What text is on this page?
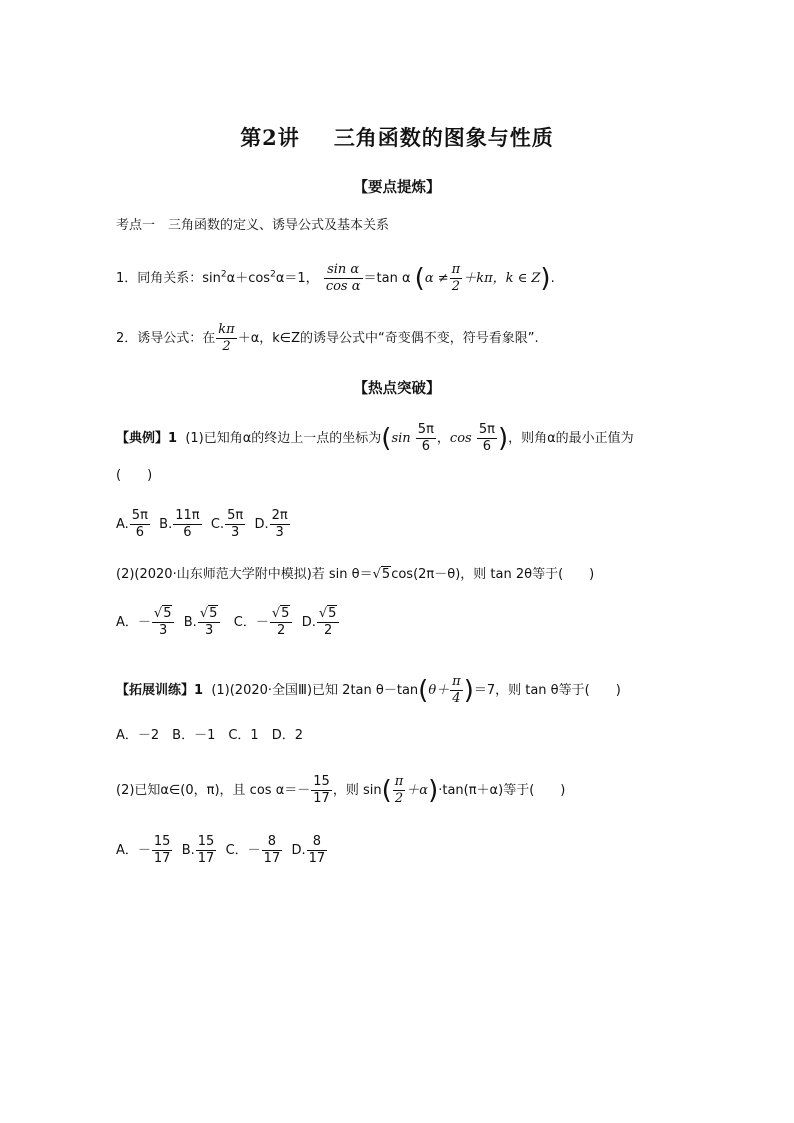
第2讲 三角函数的图象与性质
【要点提炼】
考点一　三角函数的定义、诱导公式及基本关系
1．同角关系：$\sin^2\alpha+\cos^2\alpha=1$， $\frac{\text{sin α}}{\text{cos α}} =\tan$ α ($\alpha \ne \frac{\pi}{2} +k\pi$，k ∈ Z).
2．诱导公式：在 $\frac{k\pi}{2} +\alpha$，k∈Z的诱导公式中“奇变偶不变，符号看象限”.
【热点突破】
【典例】1 (1)已知角α的终边上一点的坐标为($\sin \frac{5\pi}{6}$ ，$\cos \frac{5\pi}{6}$ )，则角α的最小正值为
(　　)
A. $\frac{5\pi}{6} B$. $\frac{11\pi}{6} C$. $\frac{5\pi}{3} D$. $\frac{2\pi}{3}$
(2)(2020·山东师范大学附中模拟)若 sin θ＝√5cos(2π－θ)，则 tan 2θ等于(　　)
A．－ $\frac{√5}{3} B$. $\frac{√5}{3}$ C．－ $\frac{√5}{2} D$. $\frac{√5}{2}$
【拓展训练】1 (1)(2020·全国Ⅲ)已知 2tan $\theta-\tan(\theta+ \frac{\pi}{4} )=7$，则 tan θ等于(　　)
A．－2　B．－1　C．1　D．2
(2)已知α∈(0，π)，且 $\cos \alpha=- \frac{15}{17}$ ，则 $\sin( \frac{\pi}{2} +\alpha)\cdot\tan(\pi+\alpha)$等于(　　)
A．－ $\frac{15}{17} B$. $\frac{15}{17}$ C．－ $\frac{8}{17} D$. $\frac{8}{17}$
